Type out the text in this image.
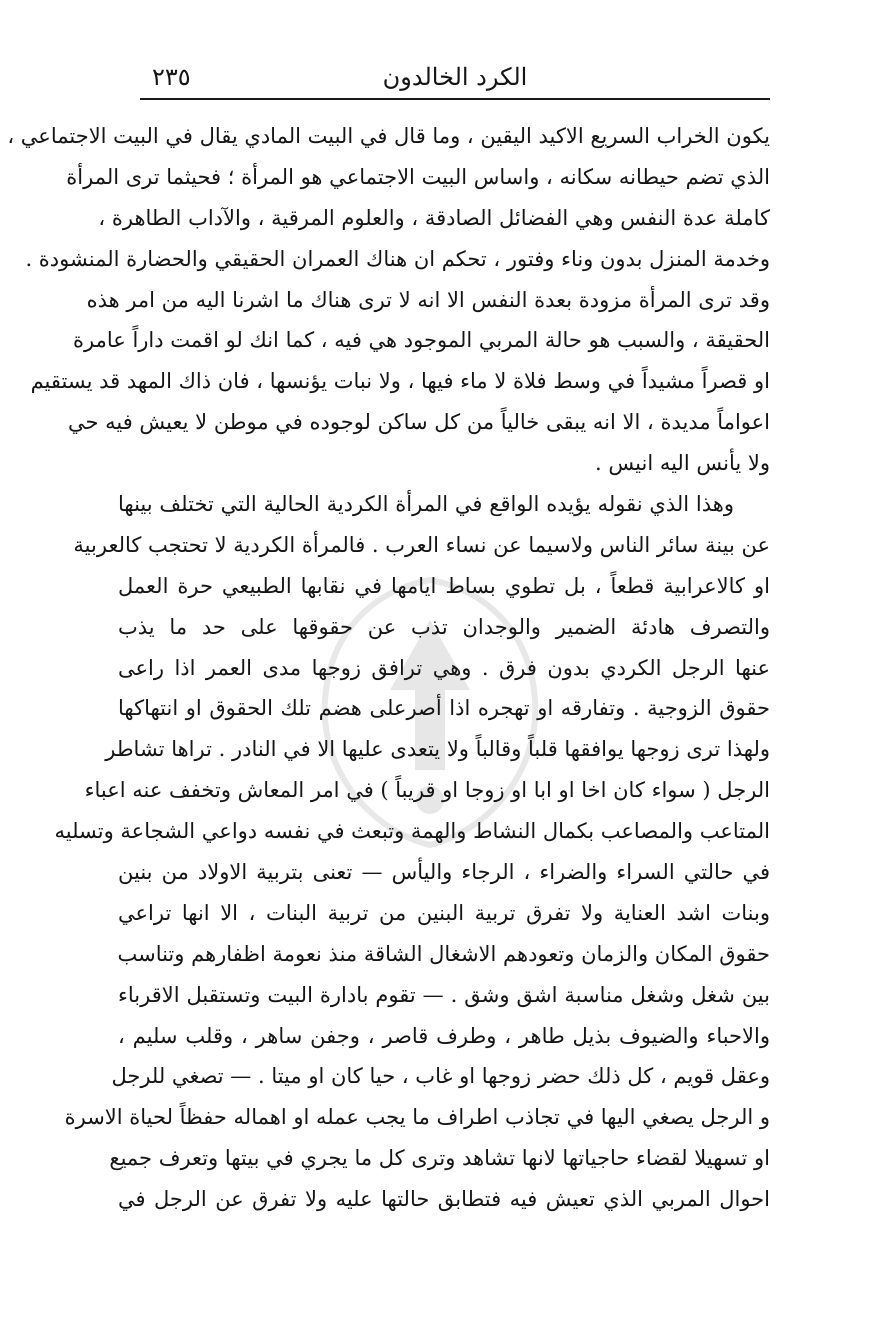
الكرد الخالدون
٢٣٥
يكون الخراب السريع الاكيد اليقين ، وما قال في البيت المادي يقال في البيت الاجتماعي ،
الذي تضم حيطانه سكانه ، واساس البيت الاجتماعي هو المرأة ؛ فحيثما ترى المرأة
كاملة عدة النفس وهي الفضائل الصادقة ، والعلوم المرقية ، والآداب الطاهرة ،
وخدمة المنزل بدون وناء وفتور ، تحكم ان هناك العمران الحقيقي والحضارة المنشودة .
وقد ترى المرأة مزودة بعدة النفس الا انه لا ترى هناك ما اشرنا اليه من امر هذه
الحقيقة ، والسبب هو حالة المربي الموجود هي فيه ، كما انك لو اقمت داراً عامرة
او قصراً مشيداً في وسط فلاة لا ماء فيها ، ولا نبات يؤنسها ، فان ذاك المهد قد يستقيم
اعواماً مديدة ، الا انه يبقى خالياً من كل ساكن لوجوده في موطن لا يعيش فيه حي
ولا يأنس اليه انيس .
وهذا الذي نقوله يؤيده الواقع في المرأة الكردية الحالية التي تختلف بينها
عن بينة سائر الناس ولاسيما عن نساء العرب . فالمرأة الكردية لا تحتجب كالعربية
او كالاعرابية قطعاً ، بل تطوي بساط ايامها في نقابها الطبيعي حرة العمل
والتصرف هادئة الضمير والوجدان تذب عن حقوقها على حد ما يذب
عنها الرجل الكردي بدون فرق . وهي ترافق زوجها مدى العمر اذا راعى
حقوق الزوجية . وتفارقه او تهجره اذا أصرعلى هضم تلك الحقوق او انتهاكها
ولهذا ترى زوجها يوافقها قلباً وقالباً ولا يتعدى عليها الا في النادر . تراها تشاطر
الرجل ( سواء كان اخا او ابا او زوجا او قريباً ) في امر المعاش وتخفف عنه اعباء
المتاعب والمصاعب بكمال النشاط والهمة وتبعث في نفسه دواعي الشجاعة وتسليه
في حالتي السراء والضراء ، الرجاء واليأس — تعنى بتربية الاولاد من بنين
وبنات اشد العناية ولا تفرق تربية البنين من تربية البنات ، الا انها تراعي
حقوق المكان والزمان وتعودهم الاشغال الشاقة منذ نعومة اظفارهم وتناسب
بين شغل وشغل مناسبة اشق وشق . — تقوم بادارة البيت وتستقبل الاقرباء
والاحباء والضيوف بذيل طاهر ، وطرف قاصر ، وجفن ساهر ، وقلب سليم ،
وعقل قويم ، كل ذلك حضر زوجها او غاب ، حيا كان او ميتا . — تصغي للرجل
و الرجل يصغي اليها في تجاذب اطراف ما يجب عمله او اهماله حفظاً لحياة الاسرة
او تسهيلا لقضاء حاجياتها لانها تشاهد وترى كل ما يجري في بيتها وتعرف جميع
احوال المربي الذي تعيش فيه فتطابق حالتها عليه ولا تفرق عن الرجل في
